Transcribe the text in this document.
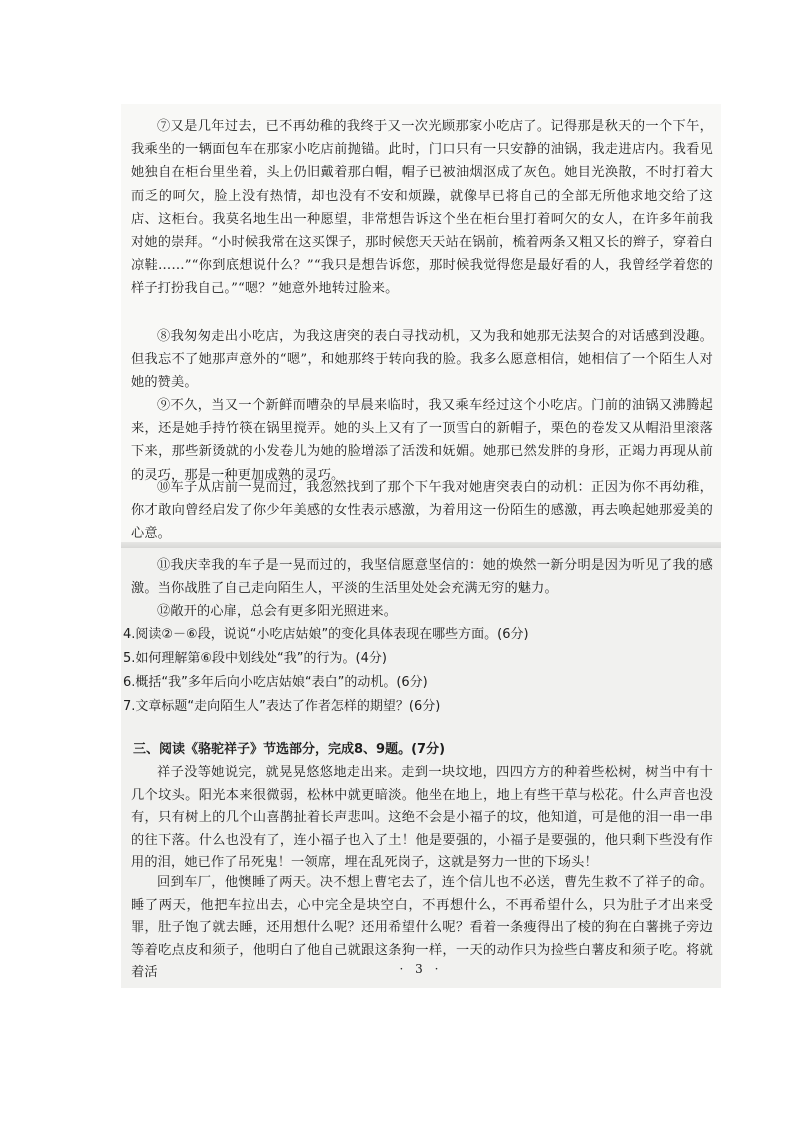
⑦又是几年过去，已不再幼稚的我终于又一次光顾那家小吃店了。记得那是秋天的一个下午，我乘坐的一辆面包车在那家小吃店前抛锚。此时，门口只有一只安静的油锅，我走进店内。我看见她独自在柜台里坐着，头上仍旧戴着那白帽，帽子已被油烟沤成了灰色。她目光涣散，不时打着大而乏的呵欠，脸上没有热情，却也没有不安和烦躁，就像早已将自己的全部无所他求地交给了这店、这柜台。我莫名地生出一种愿望，非常想告诉这个坐在柜台里打着呵欠的女人，在许多年前我对她的崇拜。“小时候我常在这买馃子，那时候您天天站在锅前，梳着两条又粗又长的辫子，穿着白凉鞋……”“你到底想说什么？”“我只是想告诉您，那时候我觉得您是最好看的人，我曾经学着您的样子打扮我自己。”“嗯？”她意外地转过脸来。

⑧我匆匆走出小吃店，为我这唐突的表白寻找动机，又为我和她那无法契合的对话感到没趣。但我忘不了她那声意外的“嗯”，和她那终于转向我的脸。我多么愿意相信，她相信了一个陌生人对她的赞美。

⑨不久，当又一个新鲜而嘈杂的早晨来临时，我又乘车经过这个小吃店。门前的油锅又沸腾起来，还是她手持竹筷在锅里搅弄。她的头上又有了一顶雪白的新帽子，栗色的卷发又从帽沿里滚落下来，那些新烫就的小发卷儿为她的脸增添了活泼和妩媚。她那已然发胖的身形，正竭力再现从前的灵巧，那是一种更加成熟的灵巧。

⑩车子从店前一晃而过，我忽然找到了那个下午我对她唐突表白的动机：正因为你不再幼稚，你才敢向曾经启发了你少年美感的女性表示感激，为着用这一份陌生的感激，再去唤起她那爱美的心意。

⑪我庆幸我的车子是一晃而过的，我坚信愿意坚信的：她的焕然一新分明是因为听见了我的感激。当你战胜了自己走向陌生人，平淡的生活里处处会充满无穷的魅力。

⑫敞开的心扉，总会有更多阳光照进来。

4.阅读②－⑥段，说说“小吃店姑娘”的变化具体表现在哪些方面。(6分)

5.如何理解第⑥段中划线处“我”的行为。(4分)

6.概括“我”多年后向小吃店姑娘“表白”的动机。(6分)

7.文章标题“走向陌生人”表达了作者怎样的期望？(6分)

三、阅读《骆驼祥子》节选部分，完成8、9题。(7分)

祥子没等她说完，就晃晃悠悠地走出来。走到一块坟地，四四方方的种着些松树，树当中有十几个坟头。阳光本来很微弱，松林中就更暗淡。他坐在地上，地上有些干草与松花。什么声音也没有，只有树上的几个山喜鹊扯着长声悲叫。这绝不会是小福子的坟，他知道，可是他的泪一串一串的往下落。什么也没有了，连小福子也入了土！他是要强的，小福子是要强的，他只剩下些没有作用的泪，她已作了吊死鬼！一领席，埋在乱死岗子，这就是努力一世的下场头！

回到车厂，他懊睡了两天。决不想上曹宅去了，连个信儿也不必送，曹先生救不了祥子的命。睡了两天，他把车拉出去，心中完全是块空白，不再想什么，不再希望什么，只为肚子才出来受罪，肚子饱了就去睡，还用想什么呢？还用希望什么呢？看着一条瘦得出了棱的狗在白薯挑子旁边等着吃点皮和须子，他明白了他自己就跟这条狗一样，一天的动作只为捡些白薯皮和须子吃。将就着活	· 3 ·
